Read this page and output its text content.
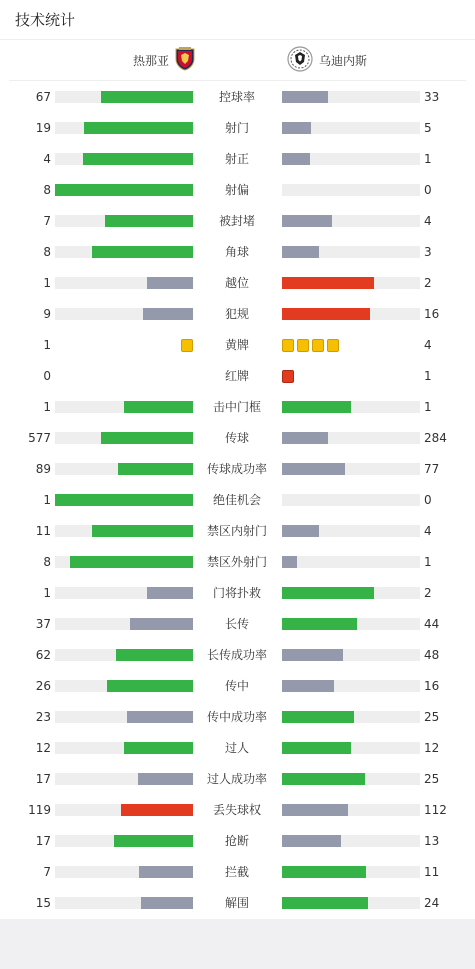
技术统计
热那亚	乌迪内斯
67	控球率	33
19	射门	5
4	射正	1
8	射偏	0
7	被封堵	4
8	角球	3
1	越位	2
9	犯规	16
1	黄牌	4
0	红牌	1
1	击中门框	1
577	传球	284
89	传球成功率	77
1	绝佳机会	0
11	禁区内射门	4
8	禁区外射门	1
1	门将扑救	2
37	长传	44
62	长传成功率	48
26	传中	16
23	传中成功率	25
12	过人	12
17	过人成功率	25
119	丢失球权	112
17	抢断	13
7	拦截	11
15	解围	24
